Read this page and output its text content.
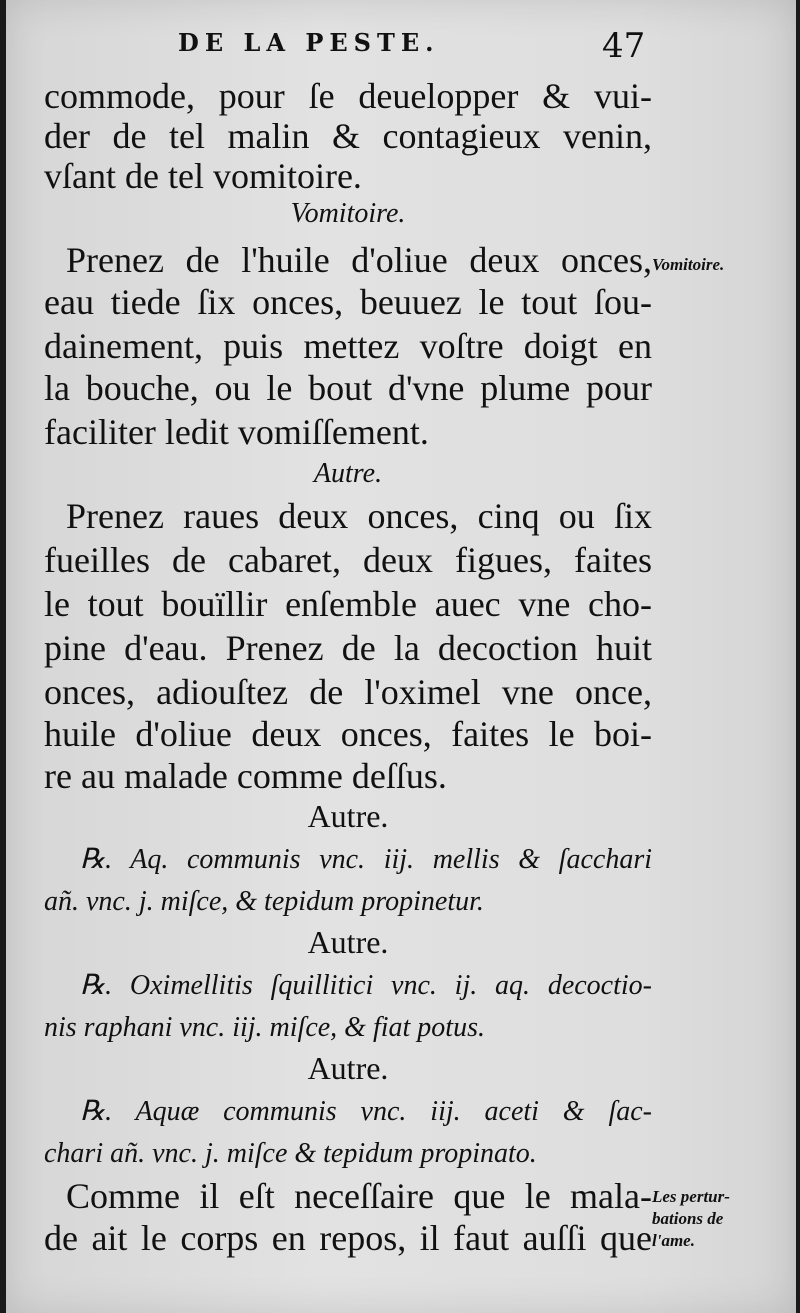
DE LA PESTE.	47
commode, pour ſe deuelopper & vui-
der de tel malin & contagieux venin,
vſant de tel vomitoire.
Vomitoire.
Prenez de l'huile d'oliue deux onces,
eau tiede ſix onces, beuuez le tout ſou-
dainement, puis mettez voſtre doigt en
la bouche, ou le bout d'vne plume pour
faciliter ledit vomiſſement.
Autre.
Prenez raues deux onces, cinq ou ſix
fueilles de cabaret, deux figues, faites
le tout bouïllir enſemble auec vne cho-
pine d'eau. Prenez de la decoction huit
onces, adiouſtez de l'oximel vne once,
huile d'oliue deux onces, faites le boi-
re au malade comme deſſus.
Autre.
℞. Aq. communis vnc. iij. mellis & ſacchari
añ. vnc. j. miſce, & tepidum propinetur.
Autre.
℞. Oximellitis ſquillitici vnc. ij. aq. decoctio-
nis raphani vnc. iij. miſce, & fiat potus.
Autre.
℞. Aquæ communis vnc. iij. aceti & ſac-
chari añ. vnc. j. miſce & tepidum propinato.
Comme il eſt neceſſaire que le mala-
de ait le corps en repos, il faut auſſi que
Vomitoire.
Les pertur-
bations de
l'ame.
